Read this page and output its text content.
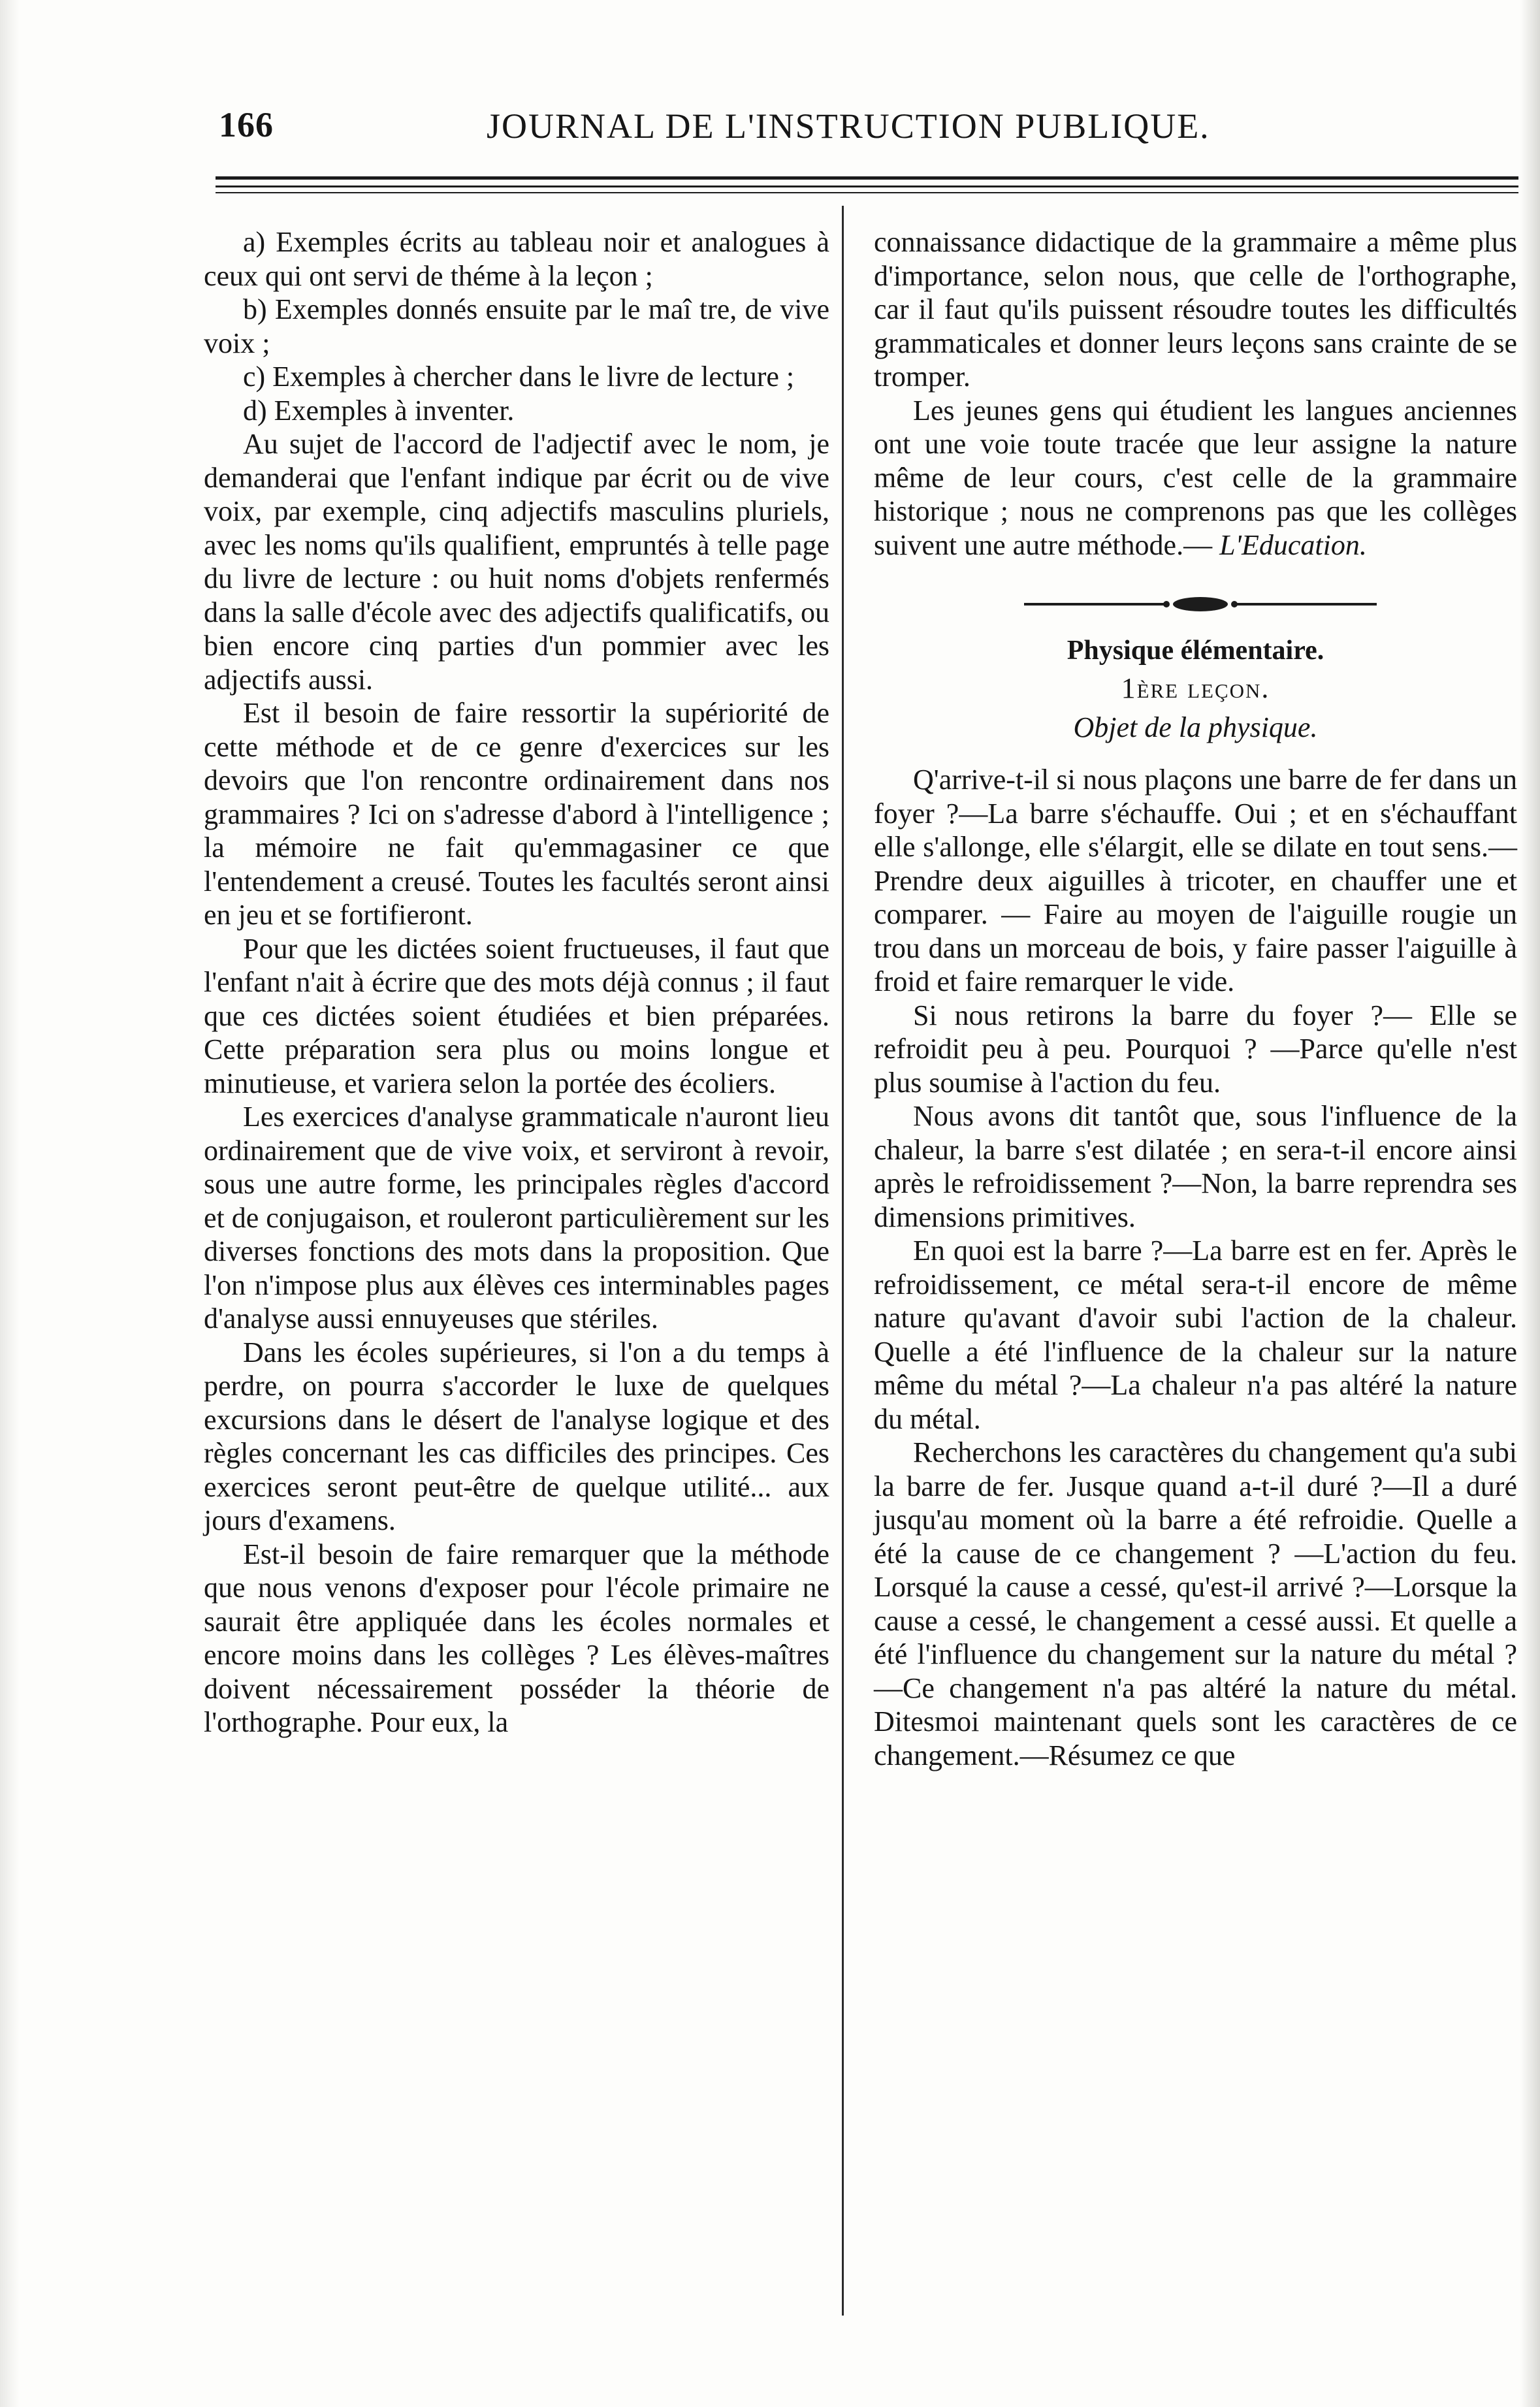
166	JOURNAL DE L'INSTRUCTION PUBLIQUE.

a) Exemples écrits au tableau noir et analogues à ceux qui ont servi de théme à la leçon ;

b) Exemples donnés ensuite par le maî tre, de vive voix ;

c) Exemples à chercher dans le livre de lecture ;

d) Exemples à inventer.

Au sujet de l'accord de l'adjectif avec le nom, je demanderai que l'enfant indique par écrit ou de vive voix, par exemple, cinq adjectifs masculins pluriels, avec les noms qu'ils qualifient, empruntés à telle page du livre de lecture : ou huit noms d'objets renfermés dans la salle d'école avec des adjectifs qualificatifs, ou bien encore cinq parties d'un pommier avec les adjectifs aussi.

Est il besoin de faire ressortir la supériorité de cette méthode et de ce genre d'exercices sur les devoirs que l'on rencontre ordinairement dans nos grammaires ? Ici on s'adresse d'abord à l'intelligence ; la mémoire ne fait qu'emmagasiner ce que l'entendement a creusé. Toutes les facultés seront ainsi en jeu et se fortifieront.

Pour que les dictées soient fructueuses, il faut que l'enfant n'ait à écrire que des mots déjà connus ; il faut que ces dictées soient étudiées et bien préparées. Cette préparation sera plus ou moins longue et minutieuse, et variera selon la portée des écoliers.

Les exercices d'analyse grammaticale n'auront lieu ordinairement que de vive voix, et serviront à revoir, sous une autre forme, les principales règles d'accord et de conjugaison, et rouleront particulièrement sur les diverses fonctions des mots dans la proposition. Que l'on n'impose plus aux élèves ces interminables pages d'analyse aussi ennuyeuses que stériles.

Dans les écoles supérieures, si l'on a du temps à perdre, on pourra s'accorder le luxe de quelques excursions dans le désert de l'analyse logique et des règles concernant les cas difficiles des principes. Ces exercices seront peut-être de quelque utilité... aux jours d'examens.

Est-il besoin de faire remarquer que la méthode que nous venons d'exposer pour l'école primaire ne saurait être appliquée dans les écoles normales et encore moins dans les collèges ? Les élèves-maîtres doivent nécessairement posséder la théorie de l'orthographe. Pour eux, la

connaissance didactique de la grammaire a même plus d'importance, selon nous, que celle de l'orthographe, car il faut qu'ils puissent résoudre toutes les difficultés grammaticales et donner leurs leçons sans crainte de se tromper.

Les jeunes gens qui étudient les langues anciennes ont une voie toute tracée que leur assigne la nature même de leur cours, c'est celle de la grammaire historique ; nous ne comprenons pas que les collèges suivent une autre méthode.— L'Education.

Physique élémentaire.
1ère leçon.
Objet de la physique.

Q'arrive-t-il si nous plaçons une barre de fer dans un foyer ?—La barre s'échauffe. Oui ; et en s'échauffant elle s'allonge, elle s'élargit, elle se dilate en tout sens.— Prendre deux aiguilles à tricoter, en chauffer une et comparer. — Faire au moyen de l'aiguille rougie un trou dans un morceau de bois, y faire passer l'aiguille à froid et faire remarquer le vide.

Si nous retirons la barre du foyer ?— Elle se refroidit peu à peu. Pourquoi ? —Parce qu'elle n'est plus soumise à l'action du feu.

Nous avons dit tantôt que, sous l'influence de la chaleur, la barre s'est dilatée ; en sera-t-il encore ainsi après le refroidissement ?—Non, la barre reprendra ses dimensions primitives.

En quoi est la barre ?—La barre est en fer. Après le refroidissement, ce métal sera-t-il encore de même nature qu'avant d'avoir subi l'action de la chaleur. Quelle a été l'influence de la chaleur sur la nature même du métal ?—La chaleur n'a pas altéré la nature du métal.

Recherchons les caractères du changement qu'a subi la barre de fer. Jusque quand a-t-il duré ?—Il a duré jusqu'au moment où la barre a été refroidie. Quelle a été la cause de ce changement ? —L'action du feu. Lorsqué la cause a cessé, qu'est-il arrivé ?—Lorsque la cause a cessé, le changement a cessé aussi. Et quelle a été l'influence du changement sur la nature du métal ?—Ce changement n'a pas altéré la nature du métal. Ditesmoi maintenant quels sont les caractères de ce changement.—Résumez ce que
